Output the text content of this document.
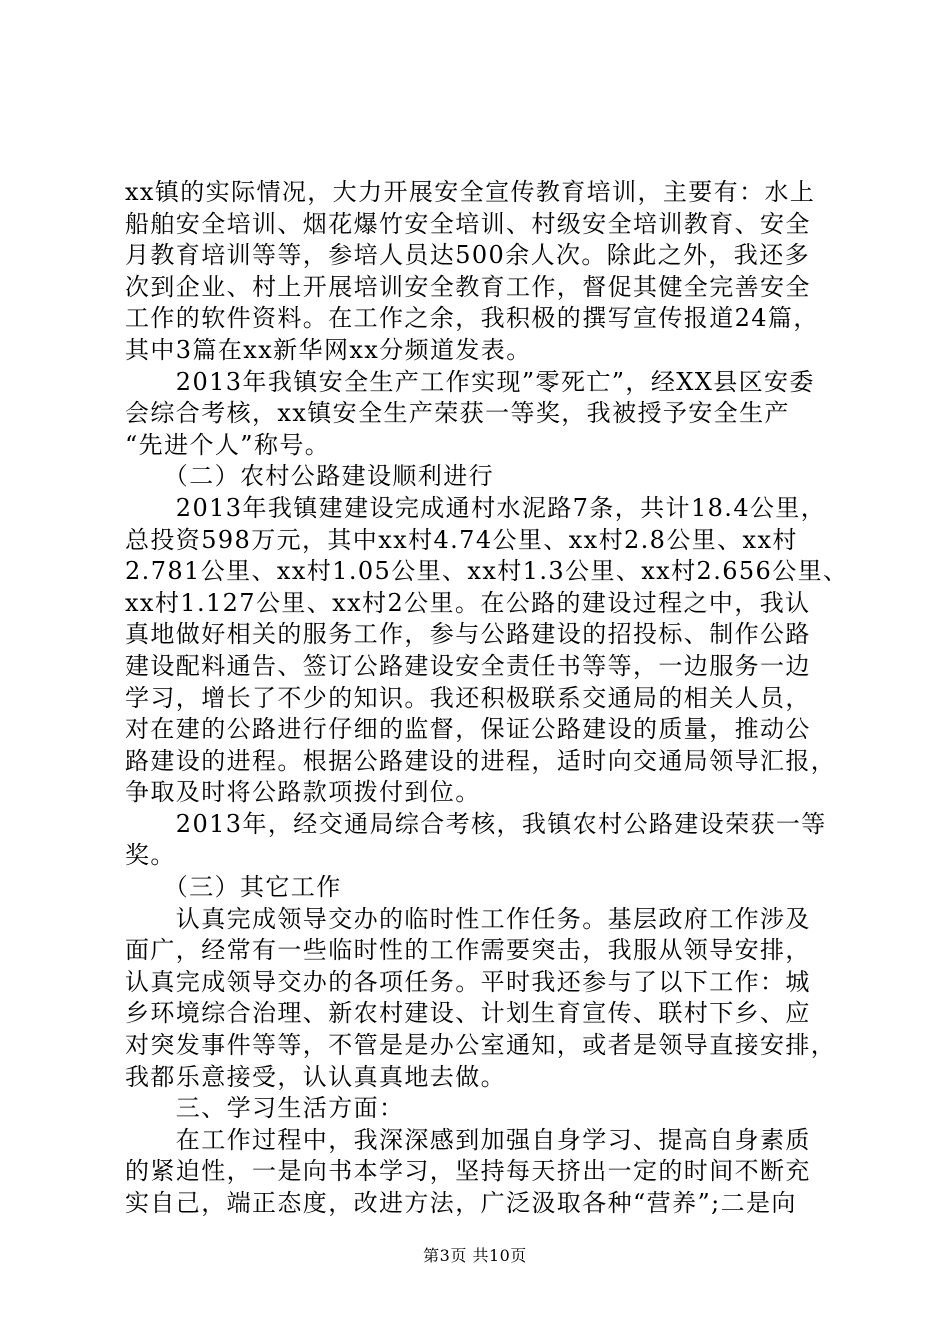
xx镇的实际情况，大力开展安全宣传教育培训，主要有：水上
船舶安全培训、烟花爆竹安全培训、村级安全培训教育、安全
月教育培训等等，参培人员达500余人次。除此之外，我还多
次到企业、村上开展培训安全教育工作，督促其健全完善安全
工作的软件资料。在工作之余，我积极的撰写宣传报道24篇，
其中3篇在xx新华网xx分频道发表。
　　2013年我镇安全生产工作实现”零死亡”，经XX县区安委
会综合考核，xx镇安全生产荣获一等奖，我被授予安全生产
“先进个人”称号。
　　（二）农村公路建设顺利进行
　　2013年我镇建建设完成通村水泥路7条，共计18.4公里，
总投资598万元，其中xx村4.74公里、xx村2.8公里、xx村
2.781公里、xx村1.05公里、xx村1.3公里、xx村2.656公里、
xx村1.127公里、xx村2公里。在公路的建设过程之中，我认
真地做好相关的服务工作，参与公路建设的招投标、制作公路
建设配料通告、签订公路建设安全责任书等等，一边服务一边
学习，增长了不少的知识。我还积极联系交通局的相关人员，
对在建的公路进行仔细的监督，保证公路建设的质量，推动公
路建设的进程。根据公路建设的进程，适时向交通局领导汇报，
争取及时将公路款项拨付到位。
　　2013年，经交通局综合考核，我镇农村公路建设荣获一等
奖。
　　（三）其它工作
　　认真完成领导交办的临时性工作任务。基层政府工作涉及
面广，经常有一些临时性的工作需要突击，我服从领导安排，
认真完成领导交办的各项任务。平时我还参与了以下工作：城
乡环境综合治理、新农村建设、计划生育宣传、联村下乡、应
对突发事件等等，不管是是办公室通知，或者是领导直接安排，
我都乐意接受，认认真真地去做。
　　三、学习生活方面：
　　在工作过程中，我深深感到加强自身学习、提高自身素质
的紧迫性，一是向书本学习，坚持每天挤出一定的时间不断充
实自己，端正态度，改进方法，广泛汲取各种“营养”;二是向
第3页 共10页
